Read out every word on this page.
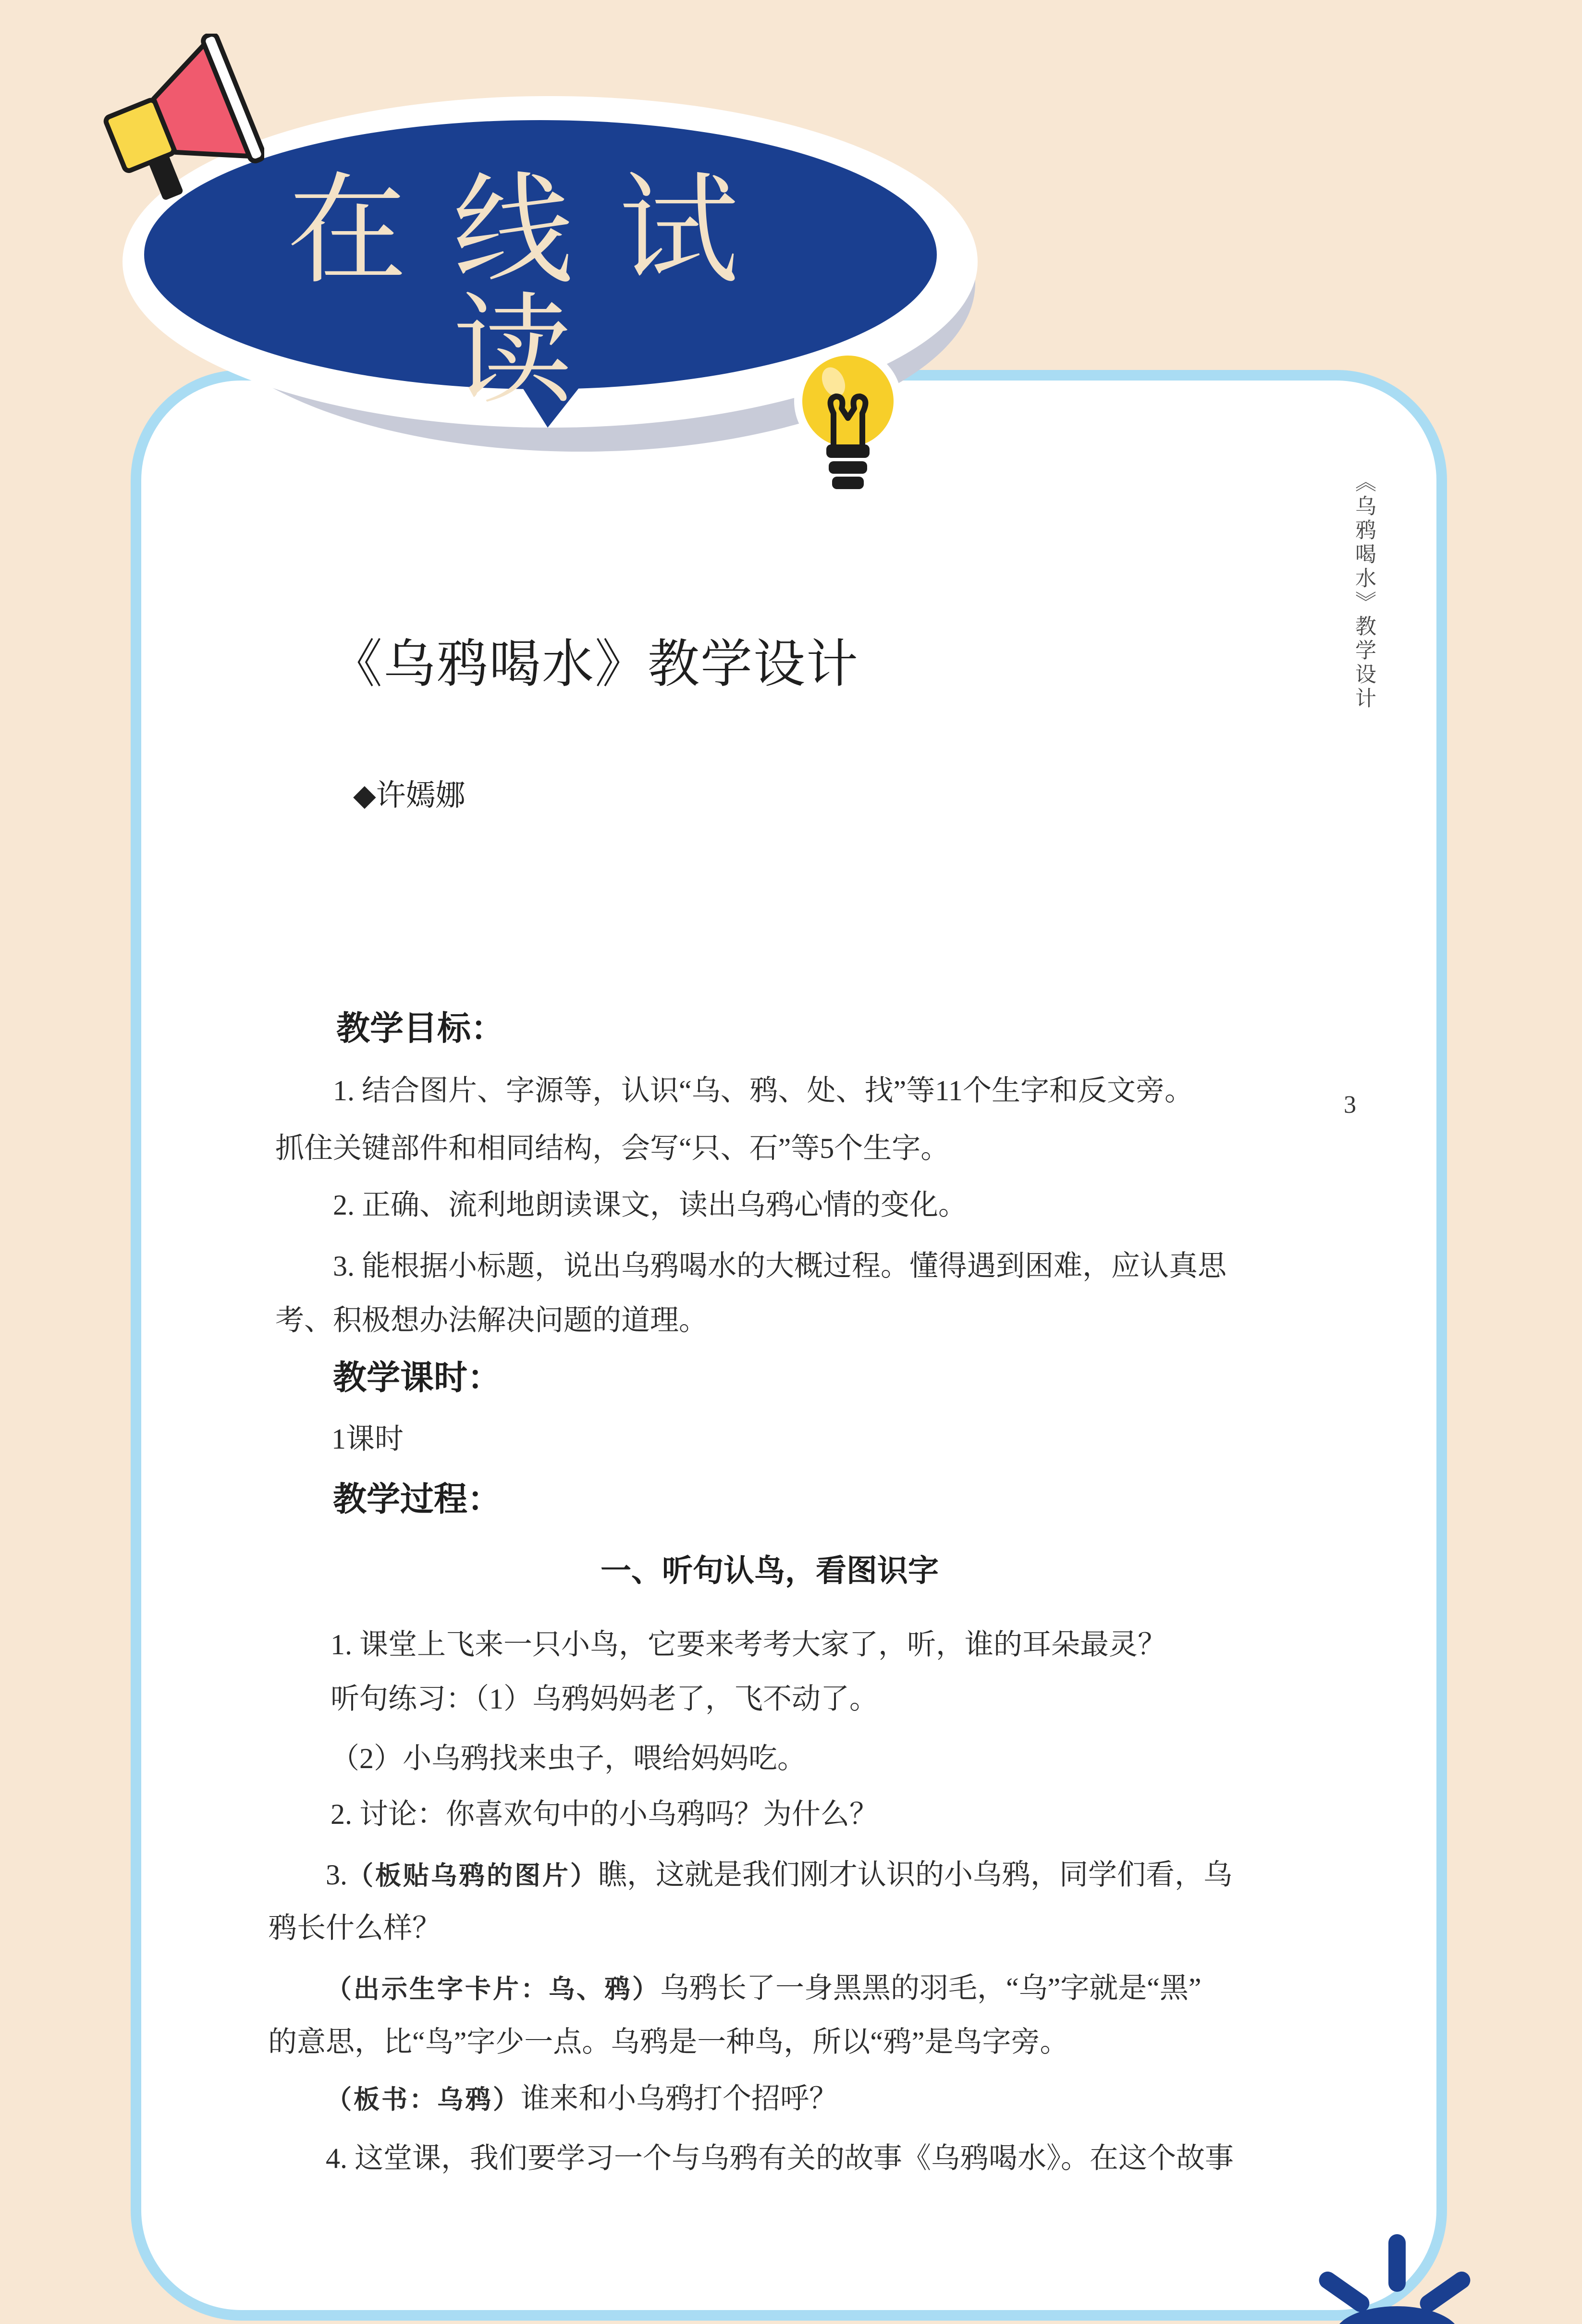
在线试读
《乌鸦喝水》教学设计
3
《乌鸦喝水》教学设计
◆许嫣娜
教学目标：
1. 结合图片、字源等，认识“乌、鸦、处、找”等11个生字和反文旁。
抓住关键部件和相同结构，会写“只、石”等5个生字。
2. 正确、流利地朗读课文，读出乌鸦心情的变化。
3. 能根据小标题，说出乌鸦喝水的大概过程。懂得遇到困难，应认真思
考、积极想办法解决问题的道理。
教学课时：
1课时
教学过程：
一、听句认鸟，看图识字
1. 课堂上飞来一只小鸟，它要来考考大家了，听，谁的耳朵最灵？
听句练习：（1）乌鸦妈妈老了，飞不动了。
（2）小乌鸦找来虫子，喂给妈妈吃。
2. 讨论：你喜欢句中的小乌鸦吗？为什么？
3.（板贴乌鸦的图片）瞧，这就是我们刚才认识的小乌鸦，同学们看，乌
鸦长什么样？
（出示生字卡片：乌、鸦）乌鸦长了一身黑黑的羽毛，“乌”字就是“黑”
的意思，比“鸟”字少一点。乌鸦是一种鸟，所以“鸦”是鸟字旁。
（板书：乌鸦）谁来和小乌鸦打个招呼？
4. 这堂课，我们要学习一个与乌鸦有关的故事《乌鸦喝水》。在这个故事
